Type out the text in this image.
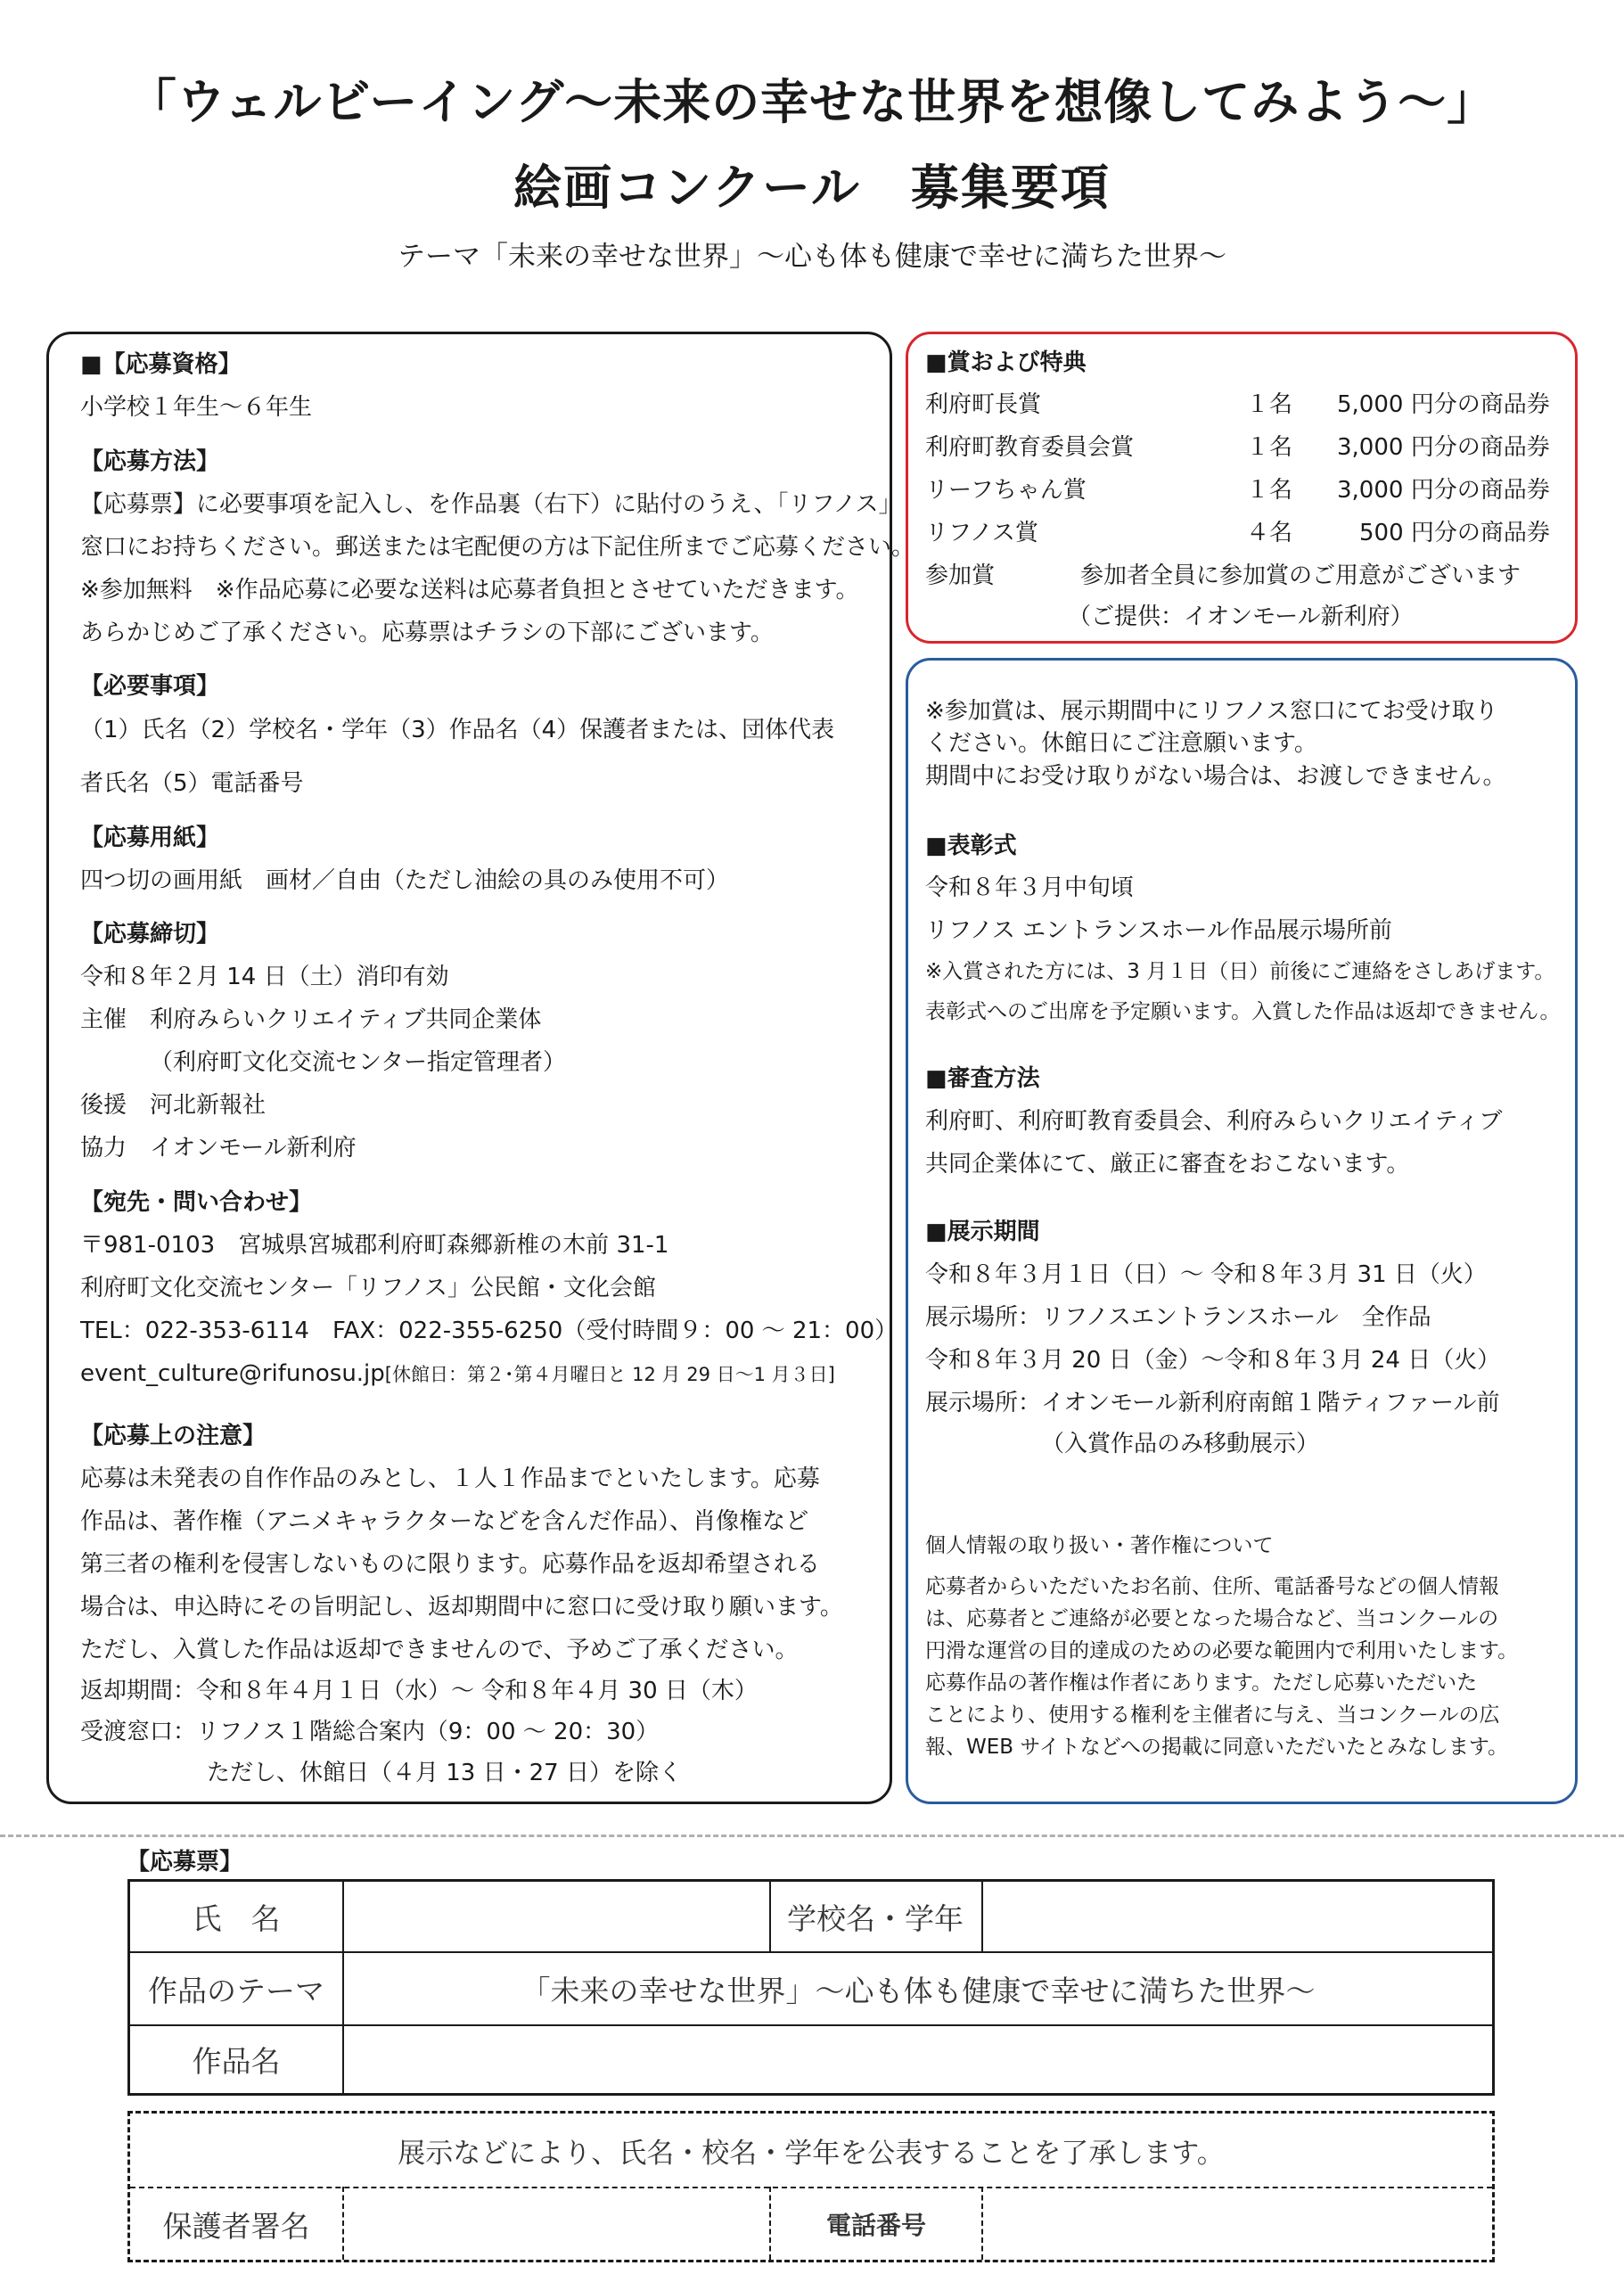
「ウェルビーイング〜未来の幸せな世界を想像してみよう〜」
絵画コンクール　募集要項
テーマ「未来の幸せな世界」〜心も体も健康で幸せに満ちた世界〜
■【応募資格】
小学校１年生〜６年生
【応募方法】
【応募票】に必要事項を記入し、を作品裏（右下）に貼付のうえ、「リフノス」
窓口にお持ちください。郵送または宅配便の方は下記住所までご応募ください。
※参加無料　※作品応募に必要な送料は応募者負担とさせていただきます。
あらかじめご了承ください。応募票はチラシの下部にございます。
【必要事項】
（1）氏名（2）学校名・学年（3）作品名（4）保護者または、団体代表
者氏名（5）電話番号
【応募用紙】
四つ切の画用紙　画材／自由（ただし油絵の具のみ使用不可）
【応募締切】
令和８年２月 14 日（土）消印有効
主催　利府みらいクリエイティブ共同企業体
（利府町文化交流センター指定管理者）
後援　河北新報社
協力　イオンモール新利府
【宛先・問い合わせ】
〒981-0103　宮城県宮城郡利府町森郷新椎の木前 31-1
利府町文化交流センター「リフノス」公民館・文化会館
TEL：022-353-6114　FAX：022-355-6250（受付時間９：00 〜 21：00）
event_culture@rifunosu.jp[休館日：第２･第４月曜日と 12 月 29 日〜1 月３日]
【応募上の注意】
応募は未発表の自作作品のみとし、１人１作品までといたします。応募
作品は、著作権（アニメキャラクターなどを含んだ作品）、肖像権など
第三者の権利を侵害しないものに限ります。応募作品を返却希望される
場合は、申込時にその旨明記し、返却期間中に窓口に受け取り願います。
ただし、入賞した作品は返却できませんので、予めご了承ください。
返却期間：令和８年４月１日（水）〜 令和８年４月 30 日（木）
受渡窓口：リフノス１階総合案内（9：00 〜 20：30）
ただし、休館日（４月 13 日・27 日）を除く
■賞および特典
利府町長賞	１名 5,000 円分の商品券
利府町教育委員会賞	１名 3,000 円分の商品券
リーフちゃん賞	１名 3,000 円分の商品券
リフノス賞	４名	500 円分の商品券
参加賞	参加者全員に参加賞のご用意がございます
（ご提供：イオンモール新利府）
※参加賞は、展示期間中にリフノス窓口にてお受け取り
ください。休館日にご注意願います。
期間中にお受け取りがない場合は、お渡しできません。
■表彰式
令和８年３月中旬頃
リフノス エントランスホール作品展示場所前
※入賞された方には、3 月１日（日）前後にご連絡をさしあげます。
表彰式へのご出席を予定願います。入賞した作品は返却できません。
■審査方法
利府町、利府町教育委員会、利府みらいクリエイティブ
共同企業体にて、厳正に審査をおこないます。
■展示期間
令和８年３月１日（日）〜 令和８年３月 31 日（火）
展示場所：リフノスエントランスホール　全作品
令和８年３月 20 日（金）〜令和８年３月 24 日（火）
展示場所：イオンモール新利府南館１階ティファール前
（入賞作品のみ移動展示）
個人情報の取り扱い・著作権について
応募者からいただいたお名前、住所、電話番号などの個人情報
は、応募者とご連絡が必要となった場合など、当コンクールの
円滑な運営の目的達成のための必要な範囲内で利用いたします。
応募作品の著作権は作者にあります。ただし応募いただいた
ことにより、使用する権利を主催者に与え、当コンクールの広
報、WEB サイトなどへの掲載に同意いただいたとみなします。
【応募票】
氏　名	学校名・学年
作品のテーマ	「未来の幸せな世界」〜心も体も健康で幸せに満ちた世界〜
作品名
展示などにより、氏名・校名・学年を公表することを了承します。
保護者署名	電話番号
